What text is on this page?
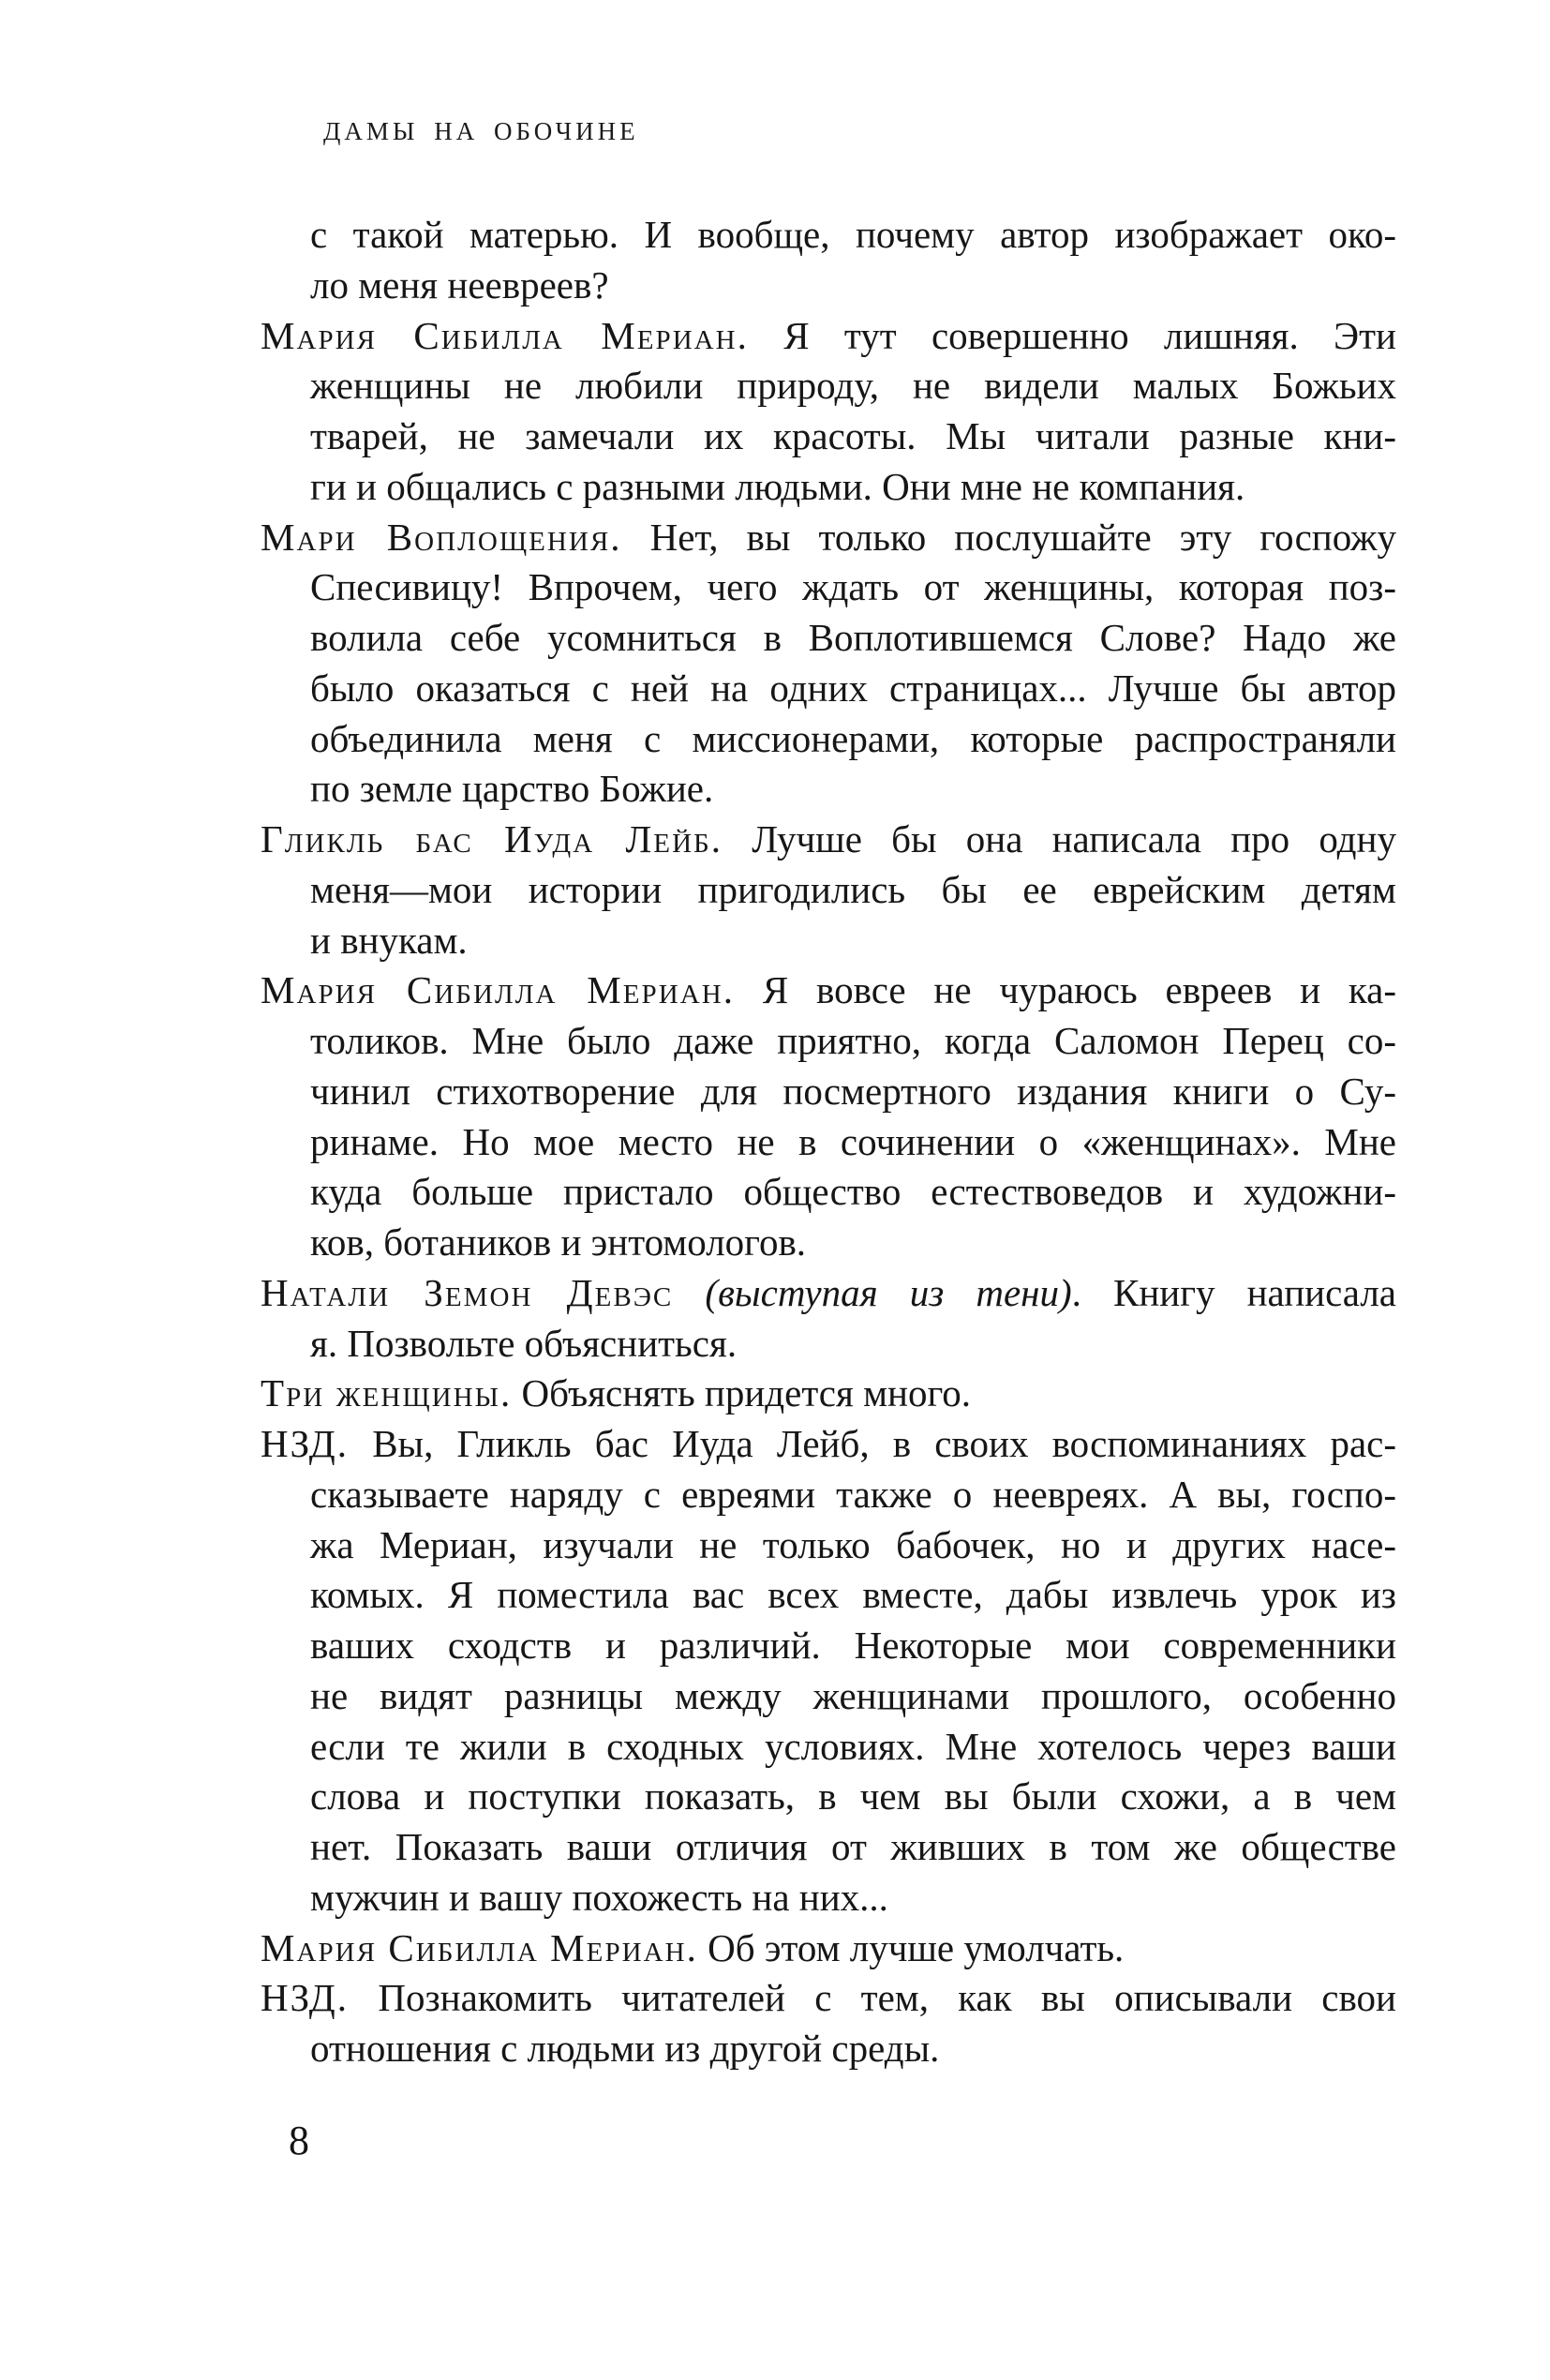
ДАМЫ НА ОБОЧИНЕ
с такой матерью. И вообще, почему автор изображает око-
ло меня неевреев?
Мария Сибилла Мериан. Я тут совершенно лишняя. Эти
женщины не любили природу, не видели малых Божьих
тварей, не замечали их красоты. Мы читали разные кни-
ги и общались с разными людьми. Они мне не компания.
Мари Воплощения. Нет, вы только послушайте эту госпожу
Спесивицу! Впрочем, чего ждать от женщины, которая поз-
волила себе усомниться в Воплотившемся Слове? Надо же
было оказаться с ней на одних страницах... Лучше бы автор
объединила меня с миссионерами, которые распространяли
по земле царство Божие.
Гликль бас Иуда Лейб. Лучше бы она написала про одну
меня—мои истории пригодились бы ее еврейским детям
и внукам.
Мария Сибилла Мериан. Я вовсе не чураюсь евреев и ка-
толиков. Мне было даже приятно, когда Саломон Перец со-
чинил стихотворение для посмертного издания книги о Су-
ринаме. Но мое место не в сочинении о «женщинах». Мне
куда больше пристало общество естествоведов и художни-
ков, ботаников и энтомологов.
Натали Земон Девэс (выступая из тени). Книгу написала
я. Позвольте объясниться.
Три женщины. Объяснять придется много.
НЗД. Вы, Гликль бас Иуда Лейб, в своих воспоминаниях рас-
сказываете наряду с евреями также о неевреях. А вы, госпо-
жа Мериан, изучали не только бабочек, но и других насе-
комых. Я поместила вас всех вместе, дабы извлечь урок из
ваших сходств и различий. Некоторые мои современники
не видят разницы между женщинами прошлого, особенно
если те жили в сходных условиях. Мне хотелось через ваши
слова и поступки показать, в чем вы были схожи, а в чем
нет. Показать ваши отличия от живших в том же обществе
мужчин и вашу похожесть на них...
Мария Сибилла Мериан. Об этом лучше умолчать.
НЗД. Познакомить читателей с тем, как вы описывали свои
отношения с людьми из другой среды.
8
